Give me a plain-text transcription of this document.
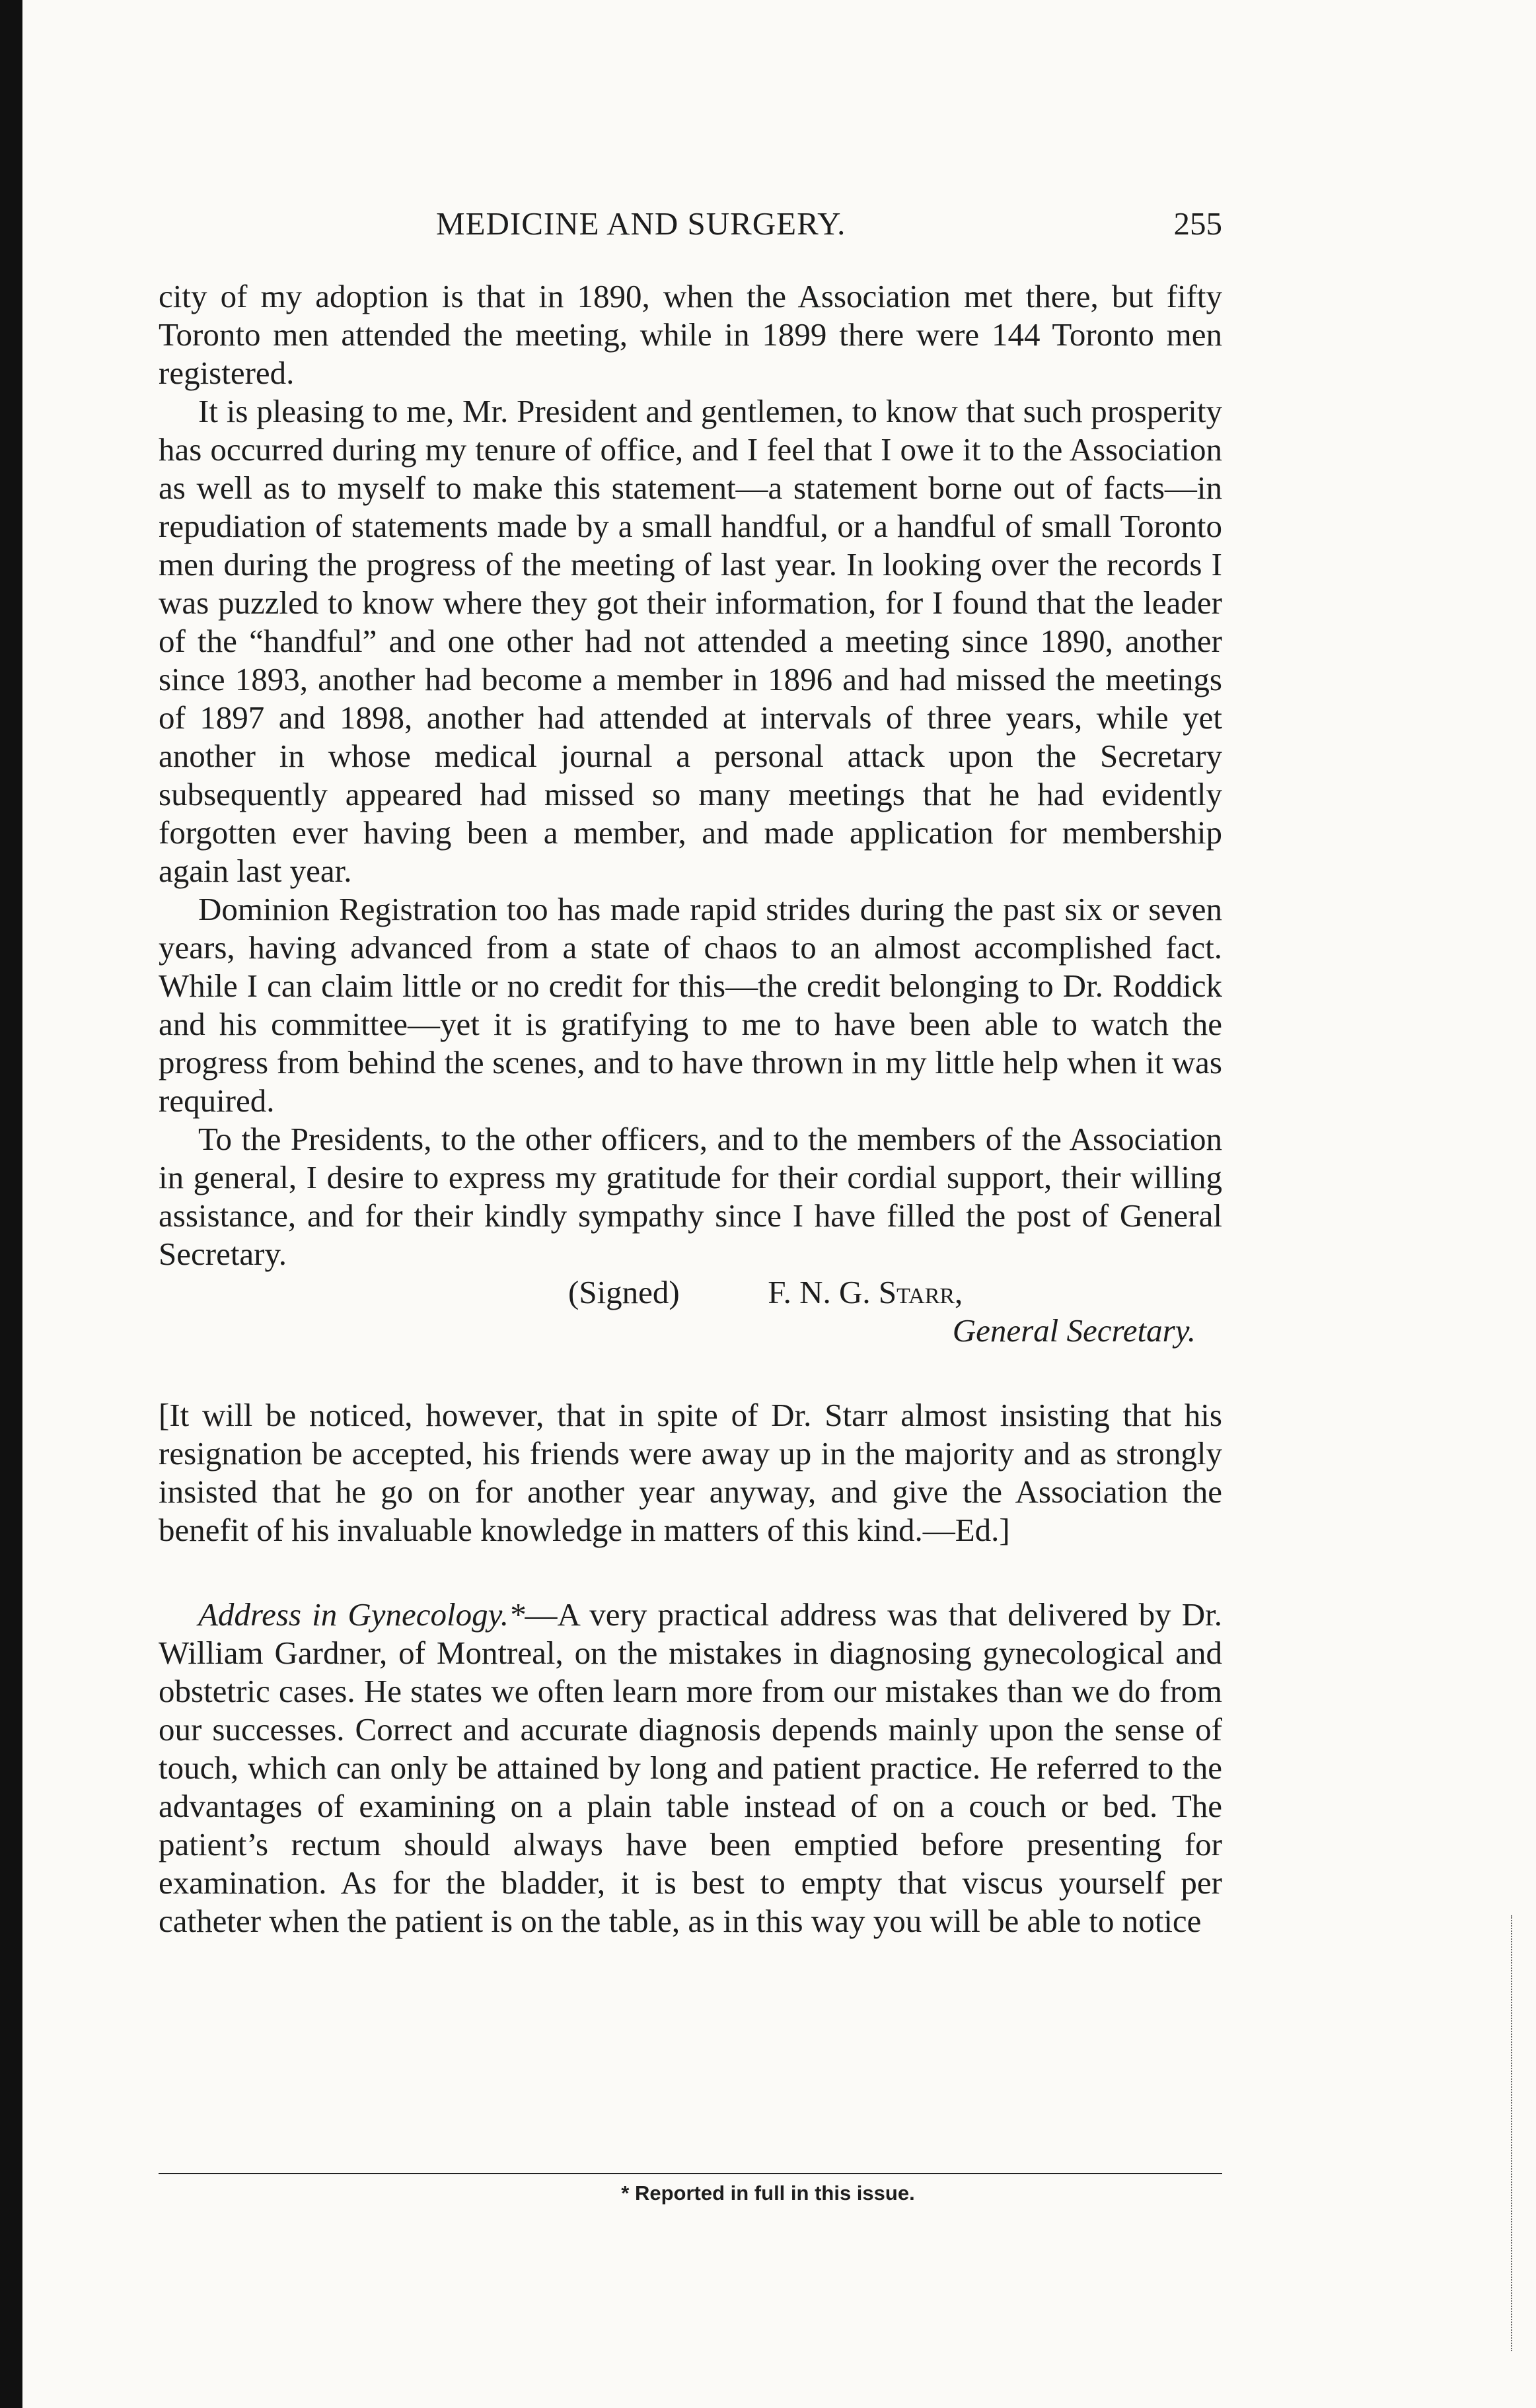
MEDICINE AND SURGERY.	255

city of my adoption is that in 1890, when the Association met there, but fifty Toronto men attended the meeting, while in 1899 there were 144 Toronto men registered.

It is pleasing to me, Mr. President and gentlemen, to know that such prosperity has occurred during my tenure of office, and I feel that I owe it to the Association as well as to myself to make this statement—a statement borne out of facts—in repudiation of statements made by a small handful, or a handful of small Toronto men during the progress of the meeting of last year. In looking over the records I was puzzled to know where they got their information, for I found that the leader of the “handful” and one other had not attended a meeting since 1890, another since 1893, another had become a member in 1896 and had missed the meetings of 1897 and 1898, another had attended at intervals of three years, while yet another in whose medical journal a personal attack upon the Secretary subsequently appeared had missed so many meetings that he had evidently forgotten ever having been a member, and made application for membership again last year.

Dominion Registration too has made rapid strides during the past six or seven years, having advanced from a state of chaos to an almost accomplished fact. While I can claim little or no credit for this—the credit belonging to Dr. Roddick and his committee—yet it is gratifying to me to have been able to watch the progress from behind the scenes, and to have thrown in my little help when it was required.

To the Presidents, to the other officers, and to the members of the Association in general, I desire to express my gratitude for their cordial support, their willing assistance, and for their kindly sympathy since I have filled the post of General Secretary.

(Signed)	F. N. G. Starr,

General Secretary.

[It will be noticed, however, that in spite of Dr. Starr almost insisting that his resignation be accepted, his friends were away up in the majority and as strongly insisted that he go on for another year anyway, and give the Association the benefit of his invaluable knowledge in matters of this kind.—Ed.]

Address in Gynecology.*—A very practical address was that delivered by Dr. William Gardner, of Montreal, on the mistakes in diagnosing gynecological and obstetric cases. He states we often learn more from our mistakes than we do from our successes. Correct and accurate diagnosis depends mainly upon the sense of touch, which can only be attained by long and patient practice. He referred to the advantages of examining on a plain table instead of on a couch or bed. The patient’s rectum should always have been emptied before presenting for examination. As for the bladder, it is best to empty that viscus yourself per catheter when the patient is on the table, as in this way you will be able to notice

* Reported in full in this issue.
